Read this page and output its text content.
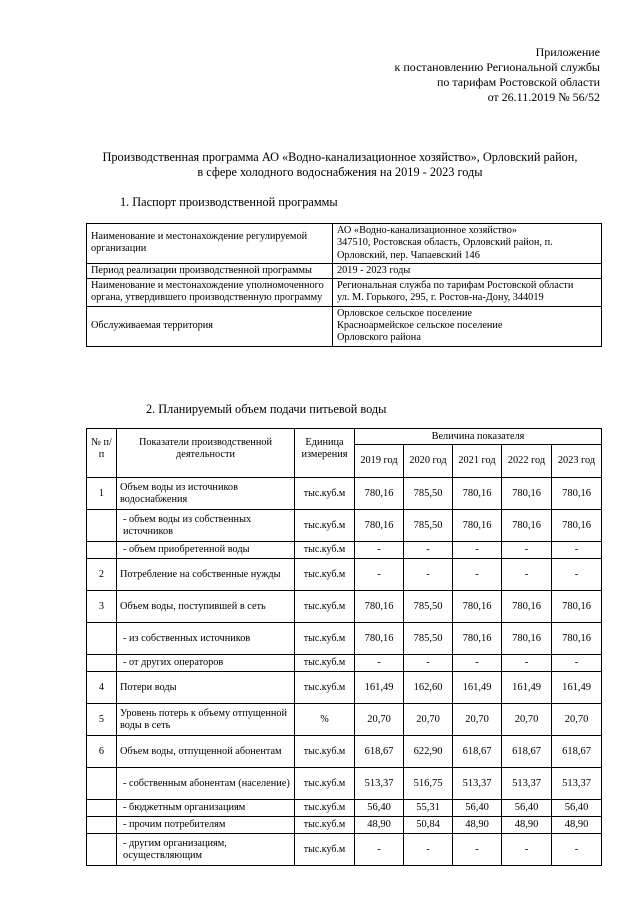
Приложение
к постановлению Региональной службы
по тарифам Ростовской области
от 26.11.2019 № 56/52
Производственная программа АО «Водно-канализационное хозяйство», Орловский район,
в сфере холодного водоснабжения на 2019 - 2023 годы
1. Паспорт производственной программы
Наименование и местонахождение регулируемой организации	АО «Водно-канализационное хозяйство»
347510, Ростовская область, Орловский район, п. Орловский, пер. Чапаевский 146

Период реализации производственной программы	2019 - 2023 годы

Наименование и местонахождение уполномоченного органа, утвердившего производственную программу	Региональная служба по тарифам Ростовской области
ул. М. Горького, 295, г. Ростов-на-Дону, 344019

Обслуживаемая территория	Орловское сельское поселение
Красноармейское сельское поселение
Орловского района
2. Планируемый объем подачи питьевой воды
№ п/п	Показатели производственной деятельности	Единица измерения	Величина показателя				
			2019 год	2020 год	2021 год	2022 год	2023 год
1	Объем воды из источников водоснабжения	тыс.куб.м	780,16	785,50	780,16	780,16	780,16
	- объем воды из собственных источников	тыс.куб.м	780,16	785,50	780,16	780,16	780,16
	- объем приобретенной воды	тыс.куб.м	-	-	-	-	-
2	Потребление на собственные нужды	тыс.куб.м	-	-	-	-	-
3	Объем воды, поступившей в сеть	тыс.куб.м	780,16	785,50	780,16	780,16	780,16
	- из собственных источников	тыс.куб.м	780,16	785,50	780,16	780,16	780,16
	- от других операторов	тыс.куб.м	-	-	-	-	-
4	Потери воды	тыс.куб.м	161,49	162,60	161,49	161,49	161,49
5	Уровень потерь к объему отпущенной воды в сеть	%	20,70	20,70	20,70	20,70	20,70
6	Объем воды, отпущенной абонентам	тыс.куб.м	618,67	622,90	618,67	618,67	618,67
	- собственным абонентам (население)	тыс.куб.м	513,37	516,75	513,37	513,37	513,37
	- бюджетным организациям	тыс.куб.м	56,40	55,31	56,40	56,40	56,40
	- прочим потребителям	тыс.куб.м	48,90	50,84	48,90	48,90	48,90
	- другим организациям, осуществляющим	тыс.куб.м	-	-	-	-	-
